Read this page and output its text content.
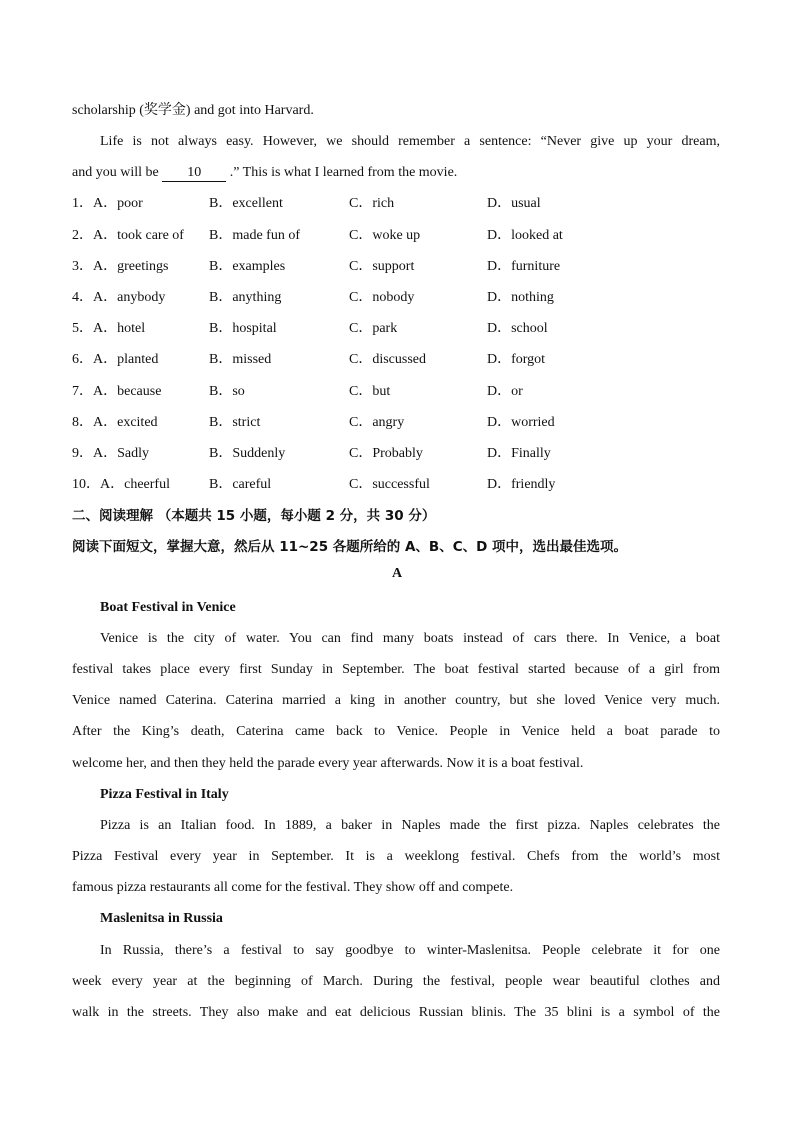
scholarship (奖学金) and got into Harvard.
Life is not always easy. However, we should remember a sentence: “Never give up your dream,
and you will be 10 .” This is what I learned from the movie.
1．A．poor	B．excellent	C．rich	D．usual
2．A．took care of B．made fun of	C．woke up	D．looked at
3．A．greetings	B．examples	C．support	D．furniture
4．A．anybody	B．anything	C．nobody	D．nothing
5．A．hotel	B．hospital	C．park	D．school
6．A．planted	B．missed	C．discussed	D．forgot
7．A．because	B．so	C．but	D．or
8．A．excited	B．strict	C．angry	D．worried
9．A．Sadly	B．Suddenly	C．Probably	D．Finally
10．A．cheerful	B．careful	C．successful	D．friendly
二、阅读理解 （本题共 15 小题，每小题 2 分，共 30 分）
阅读下面短文，掌握大意，然后从 11~25 各题所给的 A、B、C、D 项中，选出最佳选项。
A
Boat Festival in Venice
Venice is the city of water. You can find many boats instead of cars there. In Venice, a boat
festival takes place every first Sunday in September. The boat festival started because of a girl from
Venice named Caterina. Caterina married a king in another country, but she loved Venice very much.
After the King’s death, Caterina came back to Venice. People in Venice held a boat parade to
welcome her, and then they held the parade every year afterwards. Now it is a boat festival.
Pizza Festival in Italy
Pizza is an Italian food. In 1889, a baker in Naples made the first pizza. Naples celebrates the
Pizza Festival every year in September. It is a weeklong festival. Chefs from the world’s most
famous pizza restaurants all come for the festival. They show off and compete.
Maslenitsa in Russia
In Russia, there’s a festival to say goodbye to winter-Maslenitsa. People celebrate it for one
week every year at the beginning of March. During the festival, people wear beautiful clothes and
walk in the streets. They also make and eat delicious Russian blinis. The 35 blini is a symbol of the
